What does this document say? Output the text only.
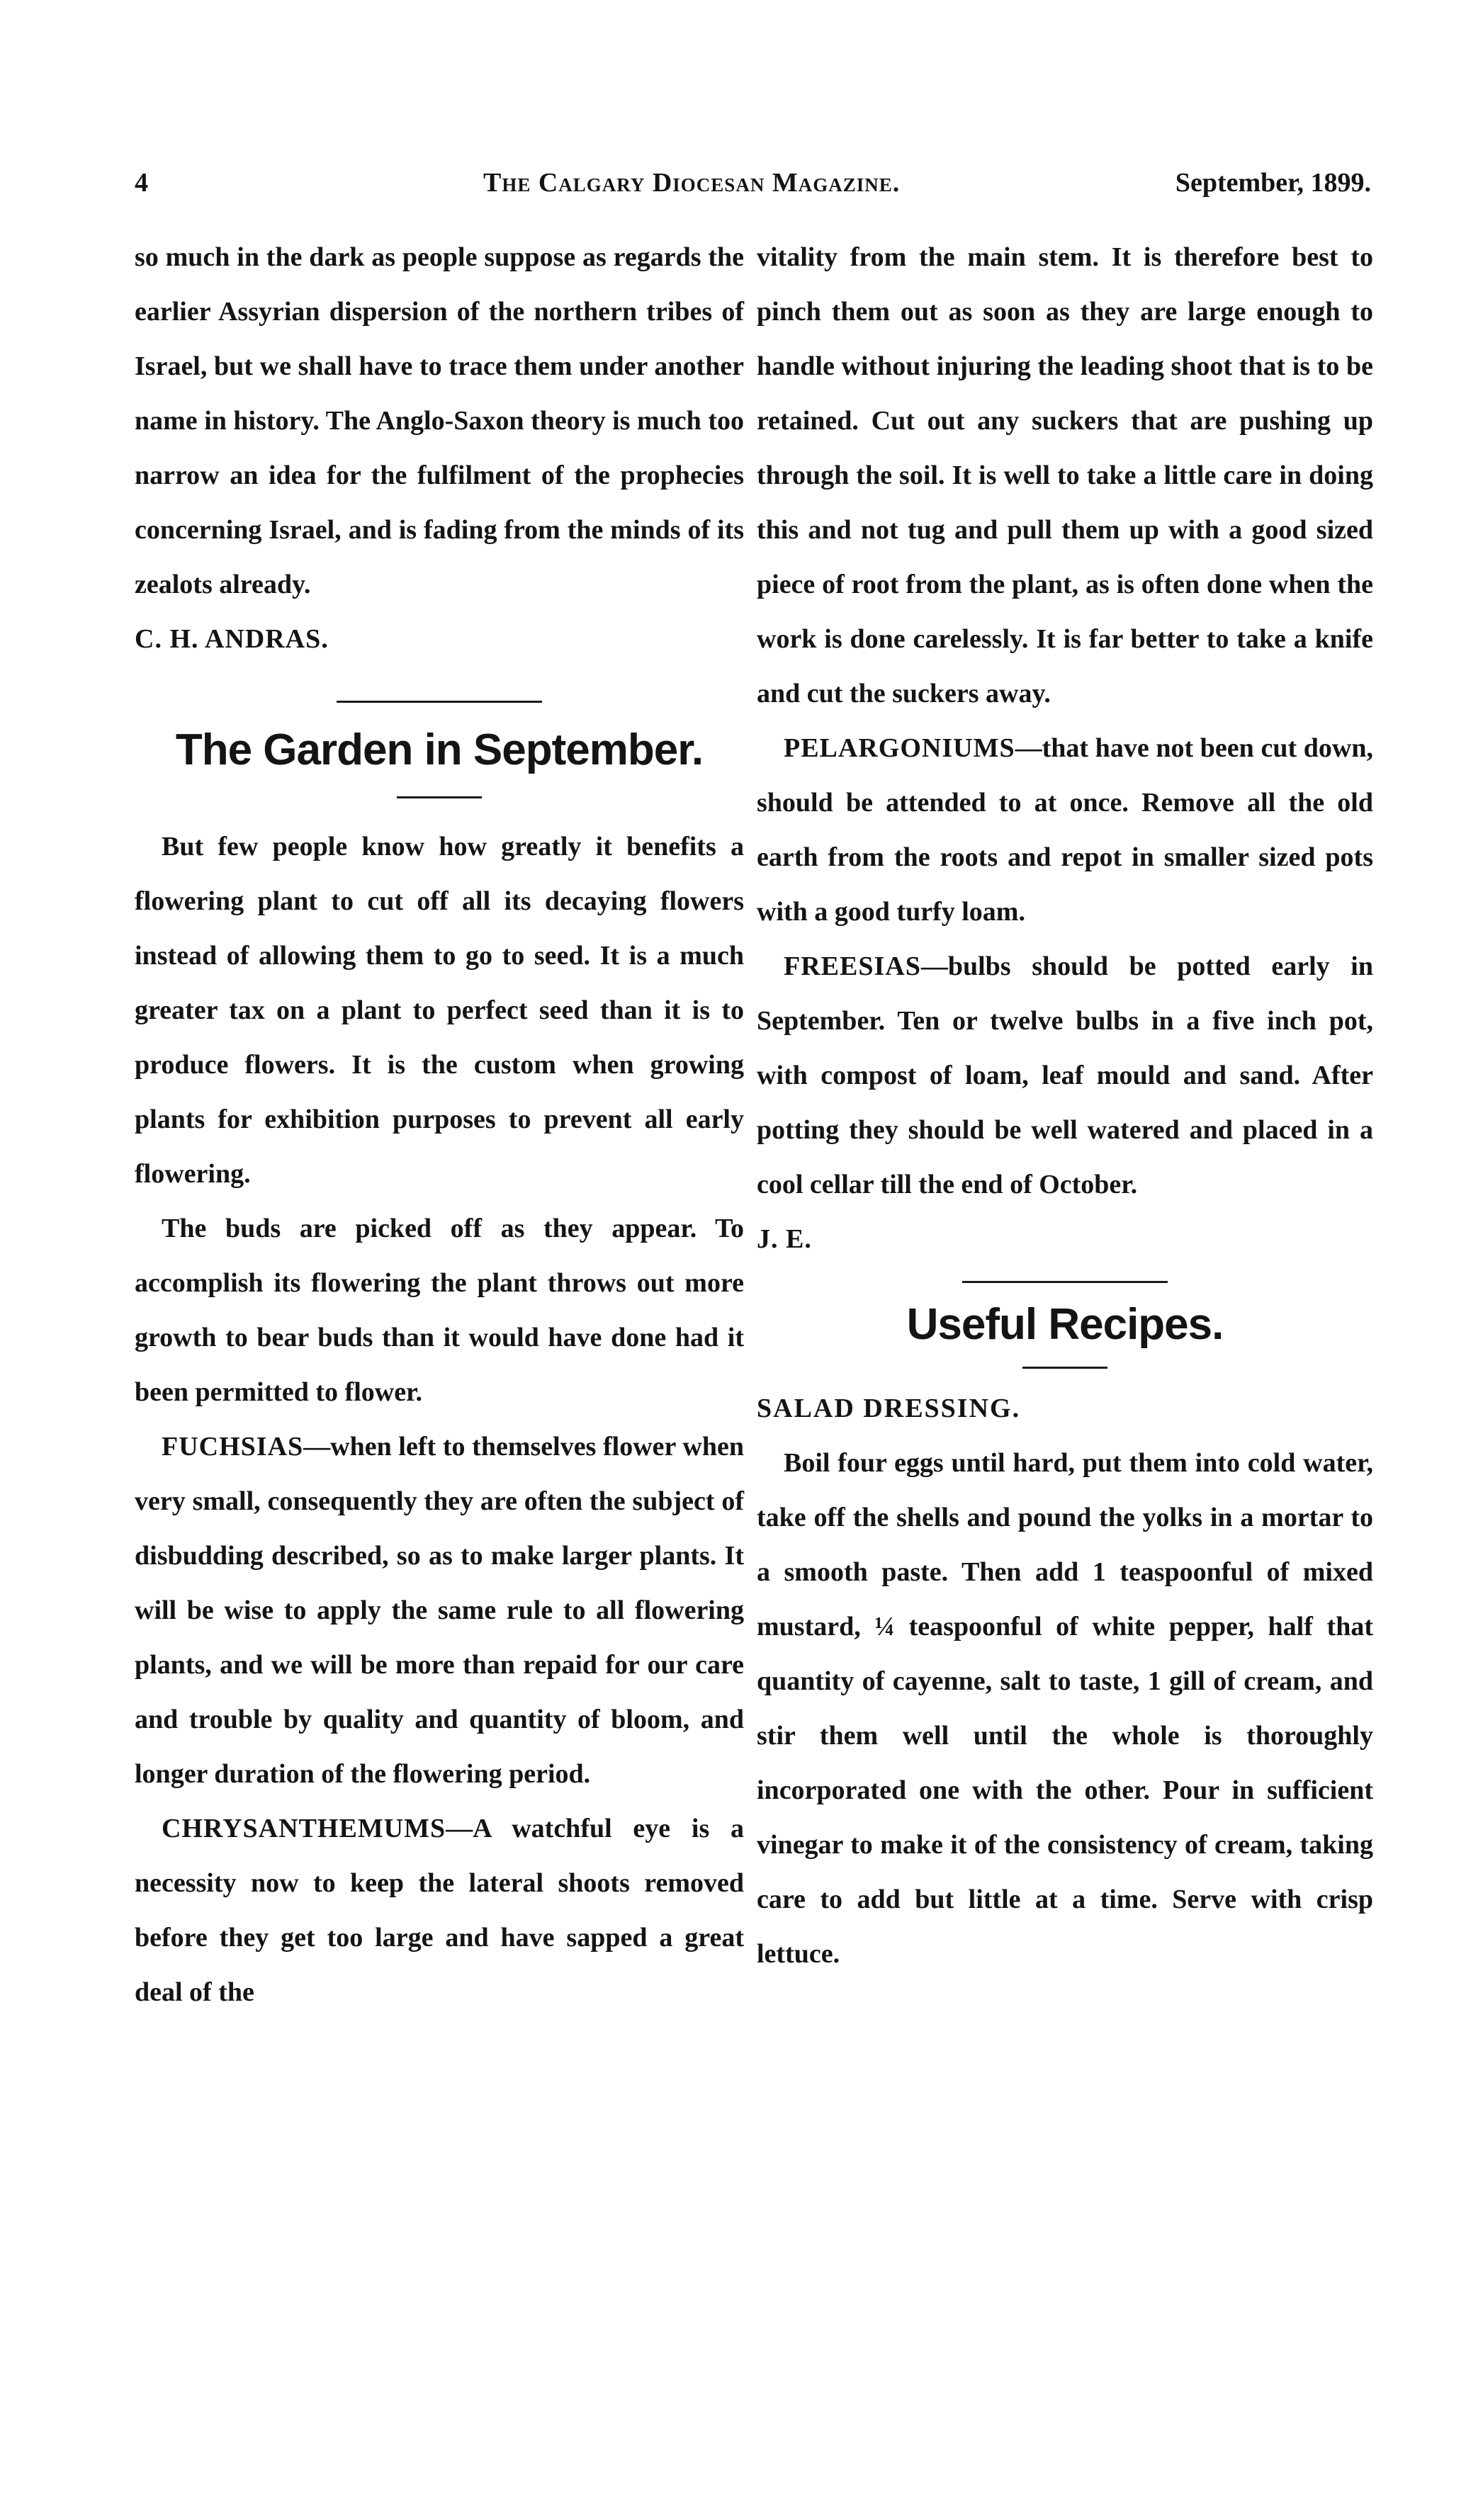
4	The Calgary Diocesan Magazine.	September, 1899.

so much in the dark as people suppose as regards the earlier Assyrian dispersion of the northern tribes of Israel, but we shall have to trace them under another name in history. The Anglo-Saxon theory is much too narrow an idea for the fulfilment of the prophecies concerning Israel, and is fading from the minds of its zealots already.

C. H. ANDRAS.

The Garden in September.

But few people know how greatly it benefits a flowering plant to cut off all its decaying flowers instead of allowing them to go to seed. It is a much greater tax on a plant to perfect seed than it is to produce flowers. It is the custom when growing plants for exhibition purposes to prevent all early flowering.

The buds are picked off as they appear. To accomplish its flowering the plant throws out more growth to bear buds than it would have done had it been permitted to flower.

FUCHSIAS—when left to themselves flower when very small, consequently they are often the subject of disbudding described, so as to make larger plants. It will be wise to apply the same rule to all flowering plants, and we will be more than repaid for our care and trouble by quality and quantity of bloom, and longer duration of the flowering period.

CHRYSANTHEMUMS—A watchful eye is a necessity now to keep the lateral shoots removed before they get too large and have sapped a great deal of the

vitality from the main stem. It is therefore best to pinch them out as soon as they are large enough to handle without injuring the leading shoot that is to be retained. Cut out any suckers that are pushing up through the soil. It is well to take a little care in doing this and not tug and pull them up with a good sized piece of root from the plant, as is often done when the work is done carelessly. It is far better to take a knife and cut the suckers away.

PELARGONIUMS—that have not been cut down, should be attended to at once. Remove all the old earth from the roots and repot in smaller sized pots with a good turfy loam.

FREESIAS—bulbs should be potted early in September. Ten or twelve bulbs in a five inch pot, with compost of loam, leaf mould and sand. After potting they should be well watered and placed in a cool cellar till the end of October.

J. E.

Useful Recipes.

SALAD DRESSING.

Boil four eggs until hard, put them into cold water, take off the shells and pound the yolks in a mortar to a smooth paste. Then add 1 teaspoonful of mixed mustard, ¼ teaspoonful of white pepper, half that quantity of cayenne, salt to taste, 1 gill of cream, and stir them well until the whole is thoroughly incorporated one with the other. Pour in sufficient vinegar to make it of the consistency of cream, taking care to add but little at a time. Serve with crisp lettuce.
